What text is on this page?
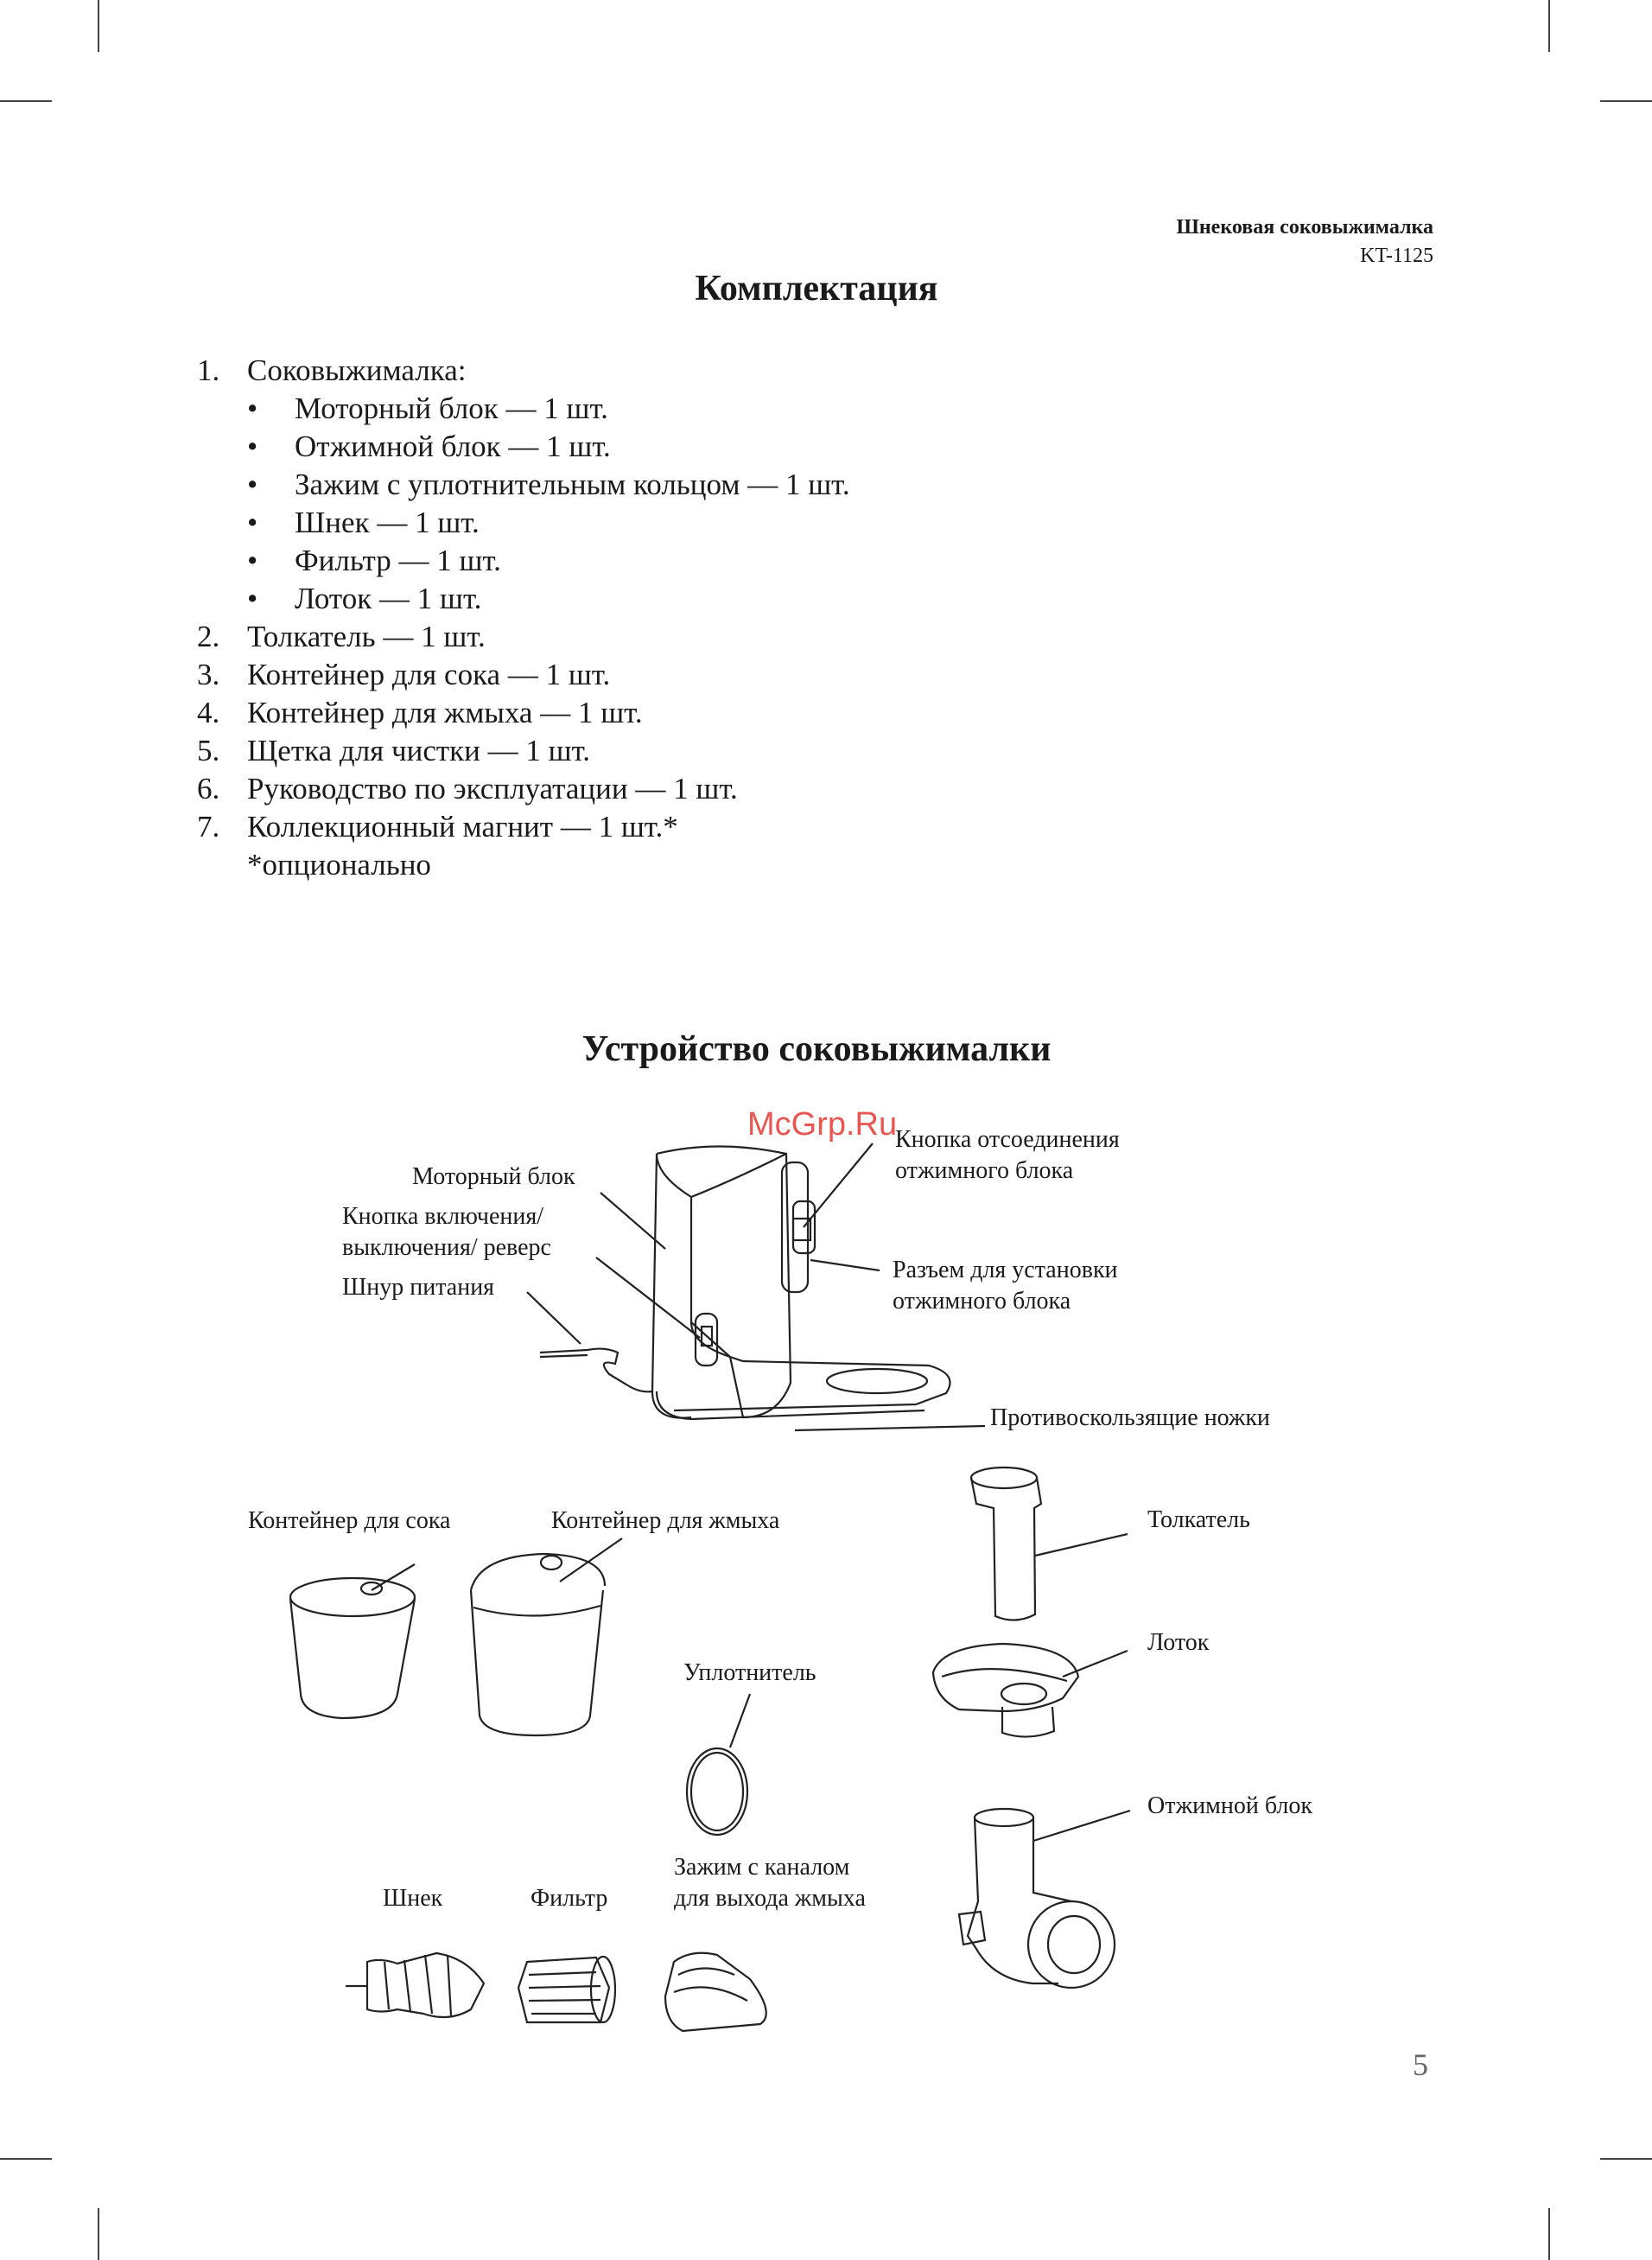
Шнековая соковыжималка
KT-1125
Комплектация
1. Соковыжималка:
• Моторный блок — 1 шт.
• Отжимной блок — 1 шт.
• Зажим с уплотнительным кольцом — 1 шт.
• Шнек — 1 шт.
• Фильтр — 1 шт.
• Лоток — 1 шт.
2. Толкатель — 1 шт.
3. Контейнер для сока — 1 шт.
4. Контейнер для жмыха — 1 шт.
5. Щетка для чистки — 1 шт.
6. Руководство по эксплуатации — 1 шт.
7. Коллекционный магнит — 1 шт.*
*опционально
Устройство соковыжималки
Моторный блок
Кнопка включения/
выключения/ реверс
Шнур питания
Кнопка отсоединения
отжимного блока
Разъем для установки
отжимного блока
Противоскользящие ножки
Контейнер для сока	Контейнер для жмыха	Толкатель
Лоток
Уплотнитель
Отжимной блок
Шнек	Фильтр
Зажим с каналом
для выхода жмыха
McGrp.Ru
5
